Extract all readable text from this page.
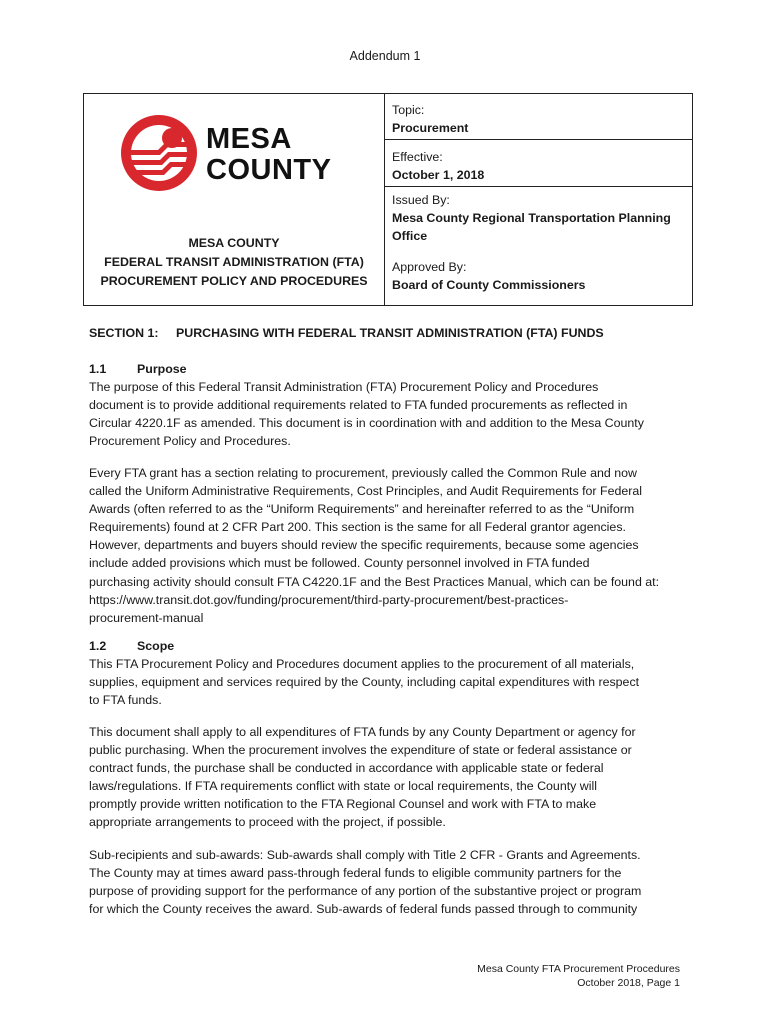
Addendum 1
MESA
COUNTY
MESA COUNTY
FEDERAL TRANSIT ADMINISTRATION (FTA)
PROCUREMENT POLICY AND PROCEDURES
Topic:
Procurement
Effective:
October 1, 2018
Issued By:
Mesa County Regional Transportation Planning
Office
Approved By:
Board of County Commissioners
SECTION 1: PURCHASING WITH FEDERAL TRANSIT ADMINISTRATION (FTA) FUNDS
1.1 Purpose

The purpose of this Federal Transit Administration (FTA) Procurement Policy and Procedures
document is to provide additional requirements related to FTA funded procurements as reflected in
Circular 4220.1F as amended. This document is in coordination with and addition to the Mesa County
Procurement Policy and Procedures.

Every FTA grant has a section relating to procurement, previously called the Common Rule and now
called the Uniform Administrative Requirements, Cost Principles, and Audit Requirements for Federal
Awards (often referred to as the “Uniform Requirements” and hereinafter referred to as the “Uniform
Requirements) found at 2 CFR Part 200. This section is the same for all Federal grantor agencies.
However, departments and buyers should review the specific requirements, because some agencies
include added provisions which must be followed. County personnel involved in FTA funded
purchasing activity should consult FTA C4220.1F and the Best Practices Manual, which can be found at:
https://www.transit.dot.gov/funding/procurement/third-party-procurement/best-practices-
procurement-manual

1.2 Scope

This FTA Procurement Policy and Procedures document applies to the procurement of all materials,
supplies, equipment and services required by the County, including capital expenditures with respect
to FTA funds.

This document shall apply to all expenditures of FTA funds by any County Department or agency for
public purchasing. When the procurement involves the expenditure of state or federal assistance or
contract funds, the purchase shall be conducted in accordance with applicable state or federal
laws/regulations. If FTA requirements conflict with state or local requirements, the County will
promptly provide written notification to the FTA Regional Counsel and work with FTA to make
appropriate arrangements to proceed with the project, if possible.

Sub-recipients and sub-awards: Sub-awards shall comply with Title 2 CFR - Grants and Agreements.
The County may at times award pass-through federal funds to eligible community partners for the
purpose of providing support for the performance of any portion of the substantive project or program
for which the County receives the award. Sub-awards of federal funds passed through to community

Mesa County FTA Procurement Procedures
October 2018, Page 1
